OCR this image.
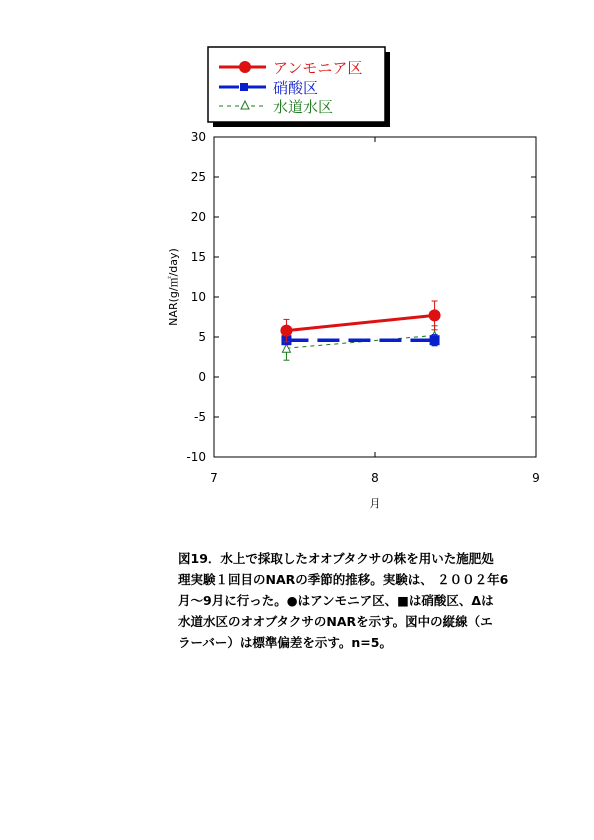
アンモニア区
硝酸区
水道水区
30
25
20
15
10
5
0
-5
-10
7	8	9
NAR(g/㎡/day)
月
図19．水上で採取したオオブタクサの株を用いた施肥処
理実験１回目のNARの季節的推移。実験は、 ２００２年6
月～9月に行った。●はアンモニア区、■は硝酸区、Δは
水道水区のオオブタクサのNARを示す。図中の縦線（エ
ラーバー）は標準偏差を示す。n=5。
